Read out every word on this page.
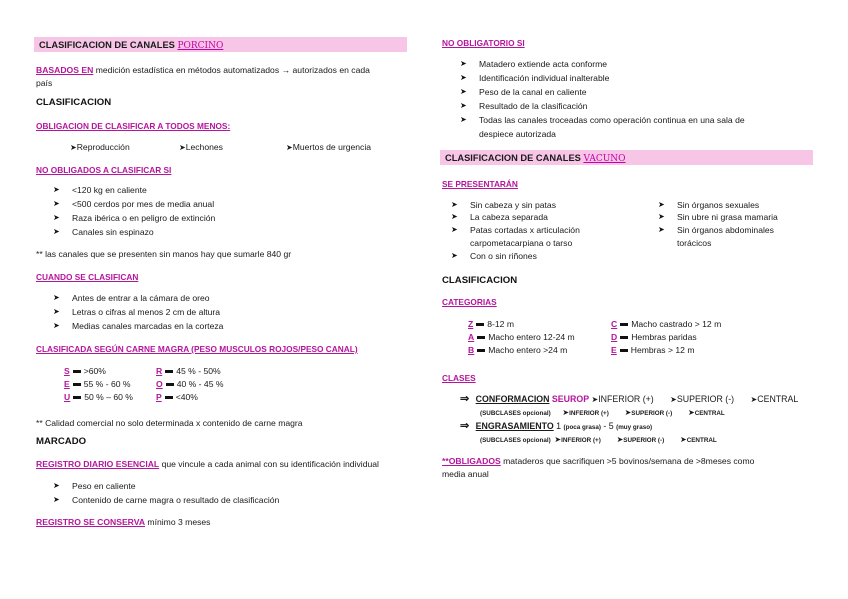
CLASIFICACION DE CANALES PORCINO
BASADOS EN medición estadística en métodos automatizados → autorizados en cada
país
CLASIFICACION
OBLIGACION DE CLASIFICAR A TODOS MENOS:
➤Reproducción	➤Lechones	➤Muertos de urgencia
NO OBLIGADOS A CLASIFICAR SI
➤ <120 kg en caliente
➤ <500 cerdos por mes de media anual
➤ Raza ibérica o en peligro de extinción
➤ Canales sin espinazo
** las canales que se presenten sin manos hay que sumarle 840 gr
CUANDO SE CLASIFICAN
➤ Antes de entrar a la cámara de oreo
➤ Letras o cifras al menos 2 cm de altura
➤ Medias canales marcadas en la corteza
CLASIFICADA SEGÚN CARNE MAGRA (PESO MUSCULOS ROJOS/PESO CANAL)
S >60%
E 55 % - 60 %
U 50 % – 60 %
R 45 % - 50%
O 40 % - 45 %
P <40%
** Calidad comercial no solo determinada x contenido de carne magra
MARCADO
REGISTRO DIARIO ESENCIAL que vincule a cada animal con su identificación individual
➤ Peso en caliente
➤ Contenido de carne magra o resultado de clasificación
REGISTRO SE CONSERVA mínimo 3 meses
NO OBLIGATORIO SI
➤ Matadero extiende acta conforme
➤ Identificación individual inalterable
➤ Peso de la canal en caliente
➤ Resultado de la clasificación
➤ Todas las canales troceadas como operación continua en una sala de
despiece autorizada
CLASIFICACION DE CANALES VACUNO
SE PRESENTARÁN
➤ Sin cabeza y sin patas
➤ La cabeza separada
➤ Patas cortadas x articulación
carpometacarpiana o tarso
➤ Con o sin riñones
➤ Sin órganos sexuales
➤ Sin ubre ni grasa mamaria
➤ Sin órganos abdominales
torácicos
CLASIFICACION
CATEGORIAS
Z 8-12 m
A Macho entero 12-24 m
B Macho entero >24 m
C Macho castrado > 12 m
D Hembras paridas
E Hembras > 12 m
CLASES
⇒ CONFORMACION SEUROP ➤INFERIOR (+) ➤SUPERIOR (-) ➤CENTRAL
(SUBCLASES opcional) ➤INFERIOR (+) ➤SUPERIOR (-) ➤CENTRAL
⇒ ENGRASAMIENTO 1 (poca grasa) - 5 (muy graso)
(SUBCLASES opcional) ➤INFERIOR (+) ➤SUPERIOR (-) ➤CENTRAL
**OBLIGADOS mataderos que sacrifiquen >5 bovinos/semana de >8meses como
media anual
